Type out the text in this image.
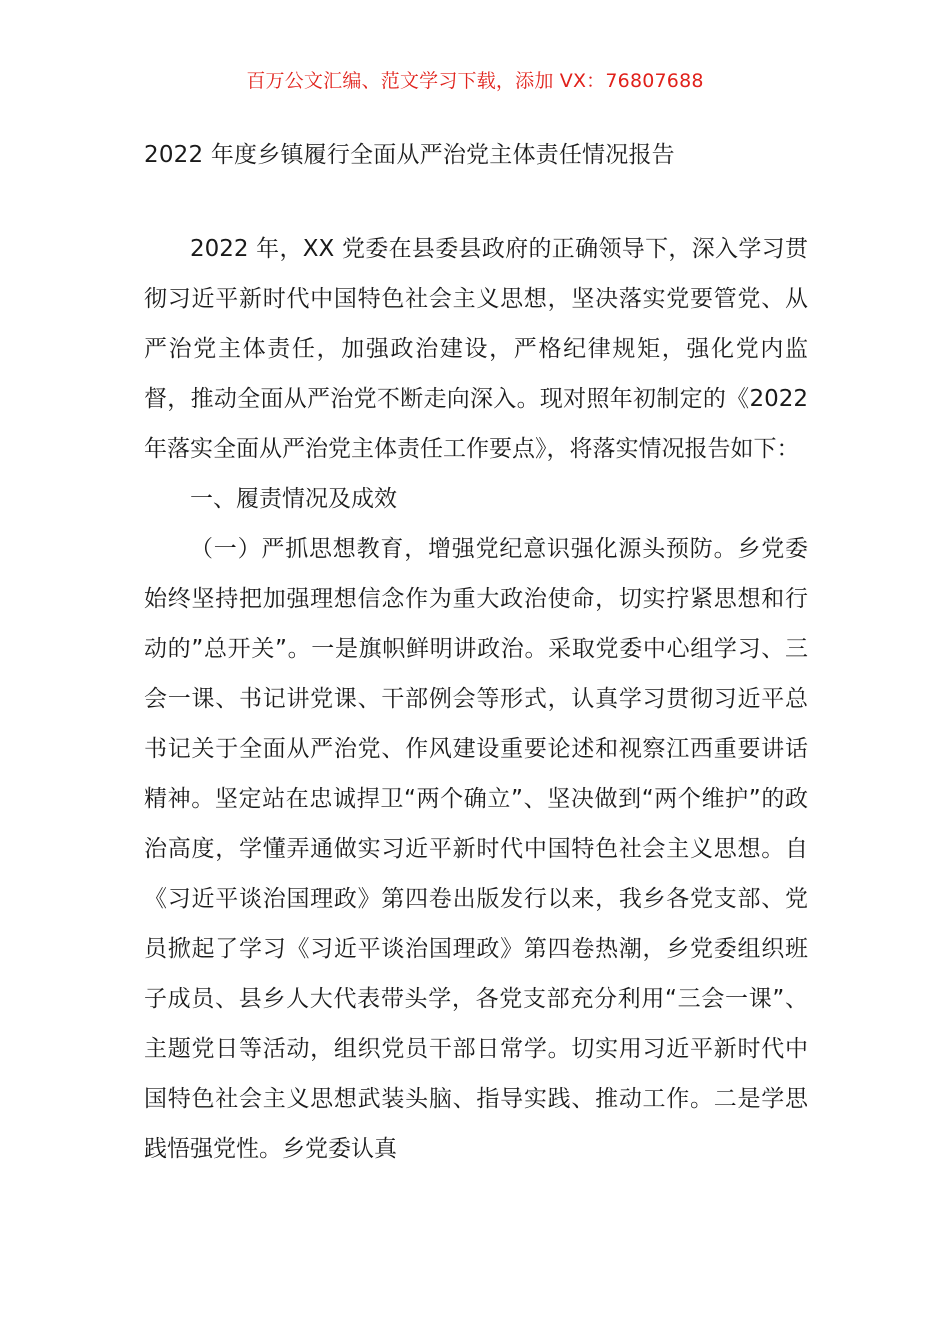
百万公文汇编、范文学习下载，添加 VX：76807688
2022 年度乡镇履行全面从严治党主体责任情况报告

2022 年，XX 党委在县委县政府的正确领导下，深入学习贯彻习近平新时代中国特色社会主义思想，坚决落实党要管党、从严治党主体责任，加强政治建设，严格纪律规矩，强化党内监督，推动全面从严治党不断走向深入。现对照年初制定的《2022 年落实全面从严治党主体责任工作要点》，将落实情况报告如下：

一、履责情况及成效

（一）严抓思想教育，增强党纪意识强化源头预防。乡党委始终坚持把加强理想信念作为重大政治使命，切实拧紧思想和行动的”总开关”。一是旗帜鲜明讲政治。采取党委中心组学习、三会一课、书记讲党课、干部例会等形式，认真学习贯彻习近平总书记关于全面从严治党、作风建设重要论述和视察江西重要讲话精神。坚定站在忠诚捍卫“两个确立”、坚决做到“两个维护”的政治高度，学懂弄通做实习近平新时代中国特色社会主义思想。自《习近平谈治国理政》第四卷出版发行以来，我乡各党支部、党员掀起了学习《习近平谈治国理政》第四卷热潮，乡党委组织班子成员、县乡人大代表带头学，各党支部充分利用“三会一课”、主题党日等活动，组织党员干部日常学。切实用习近平新时代中国特色社会主义思想武装头脑、指导实践、推动工作。二是学思践悟强党性。乡党委认真
